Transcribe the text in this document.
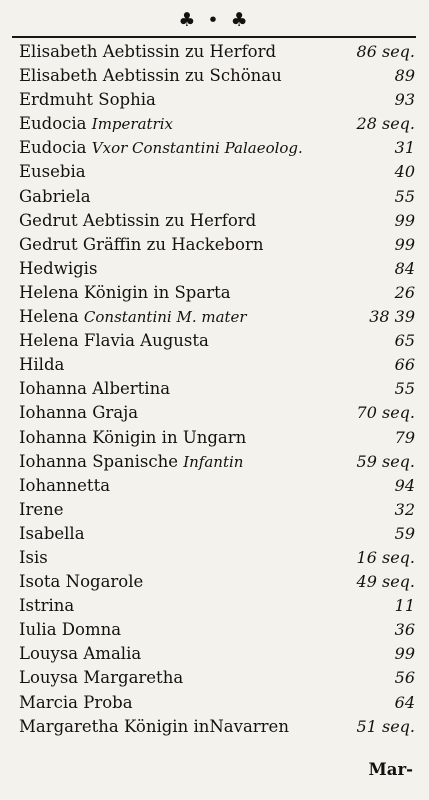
♣ • ♣
Elisabeth Aebtissin zu Herford	86 seq.
Elisabeth Aebtissin zu Schönau	89
Erdmuht Sophia	93
Eudocia Imperatrix	28 seq.
Eudocia Vxor Constantini Palaeolog.	31
Eusebia	40
Gabriela	55
Gedrut Aebtissin zu Herford	99
Gedrut Gräffin zu Hackeborn	99
Hedwigis	84
Helena Königin in Sparta	26
Helena Constantini M. mater	38 39
Helena Flavia Augusta	65
Hilda	66
Iohanna Albertina	55
Iohanna Graja	70 seq.
Iohanna Königin in Ungarn	79
Iohanna Spanische Infantin	59 seq.
Iohannetta	94
Irene	32
Isabella	59
Isis	16 seq.
Isota Nogarole	49 seq.
Istrina	11
Iulia Domna	36
Louysa Amalia	99
Louysa Margaretha	56
Marcia Proba	64
Margaretha Königin inNavarren	51 seq.
Mar-
